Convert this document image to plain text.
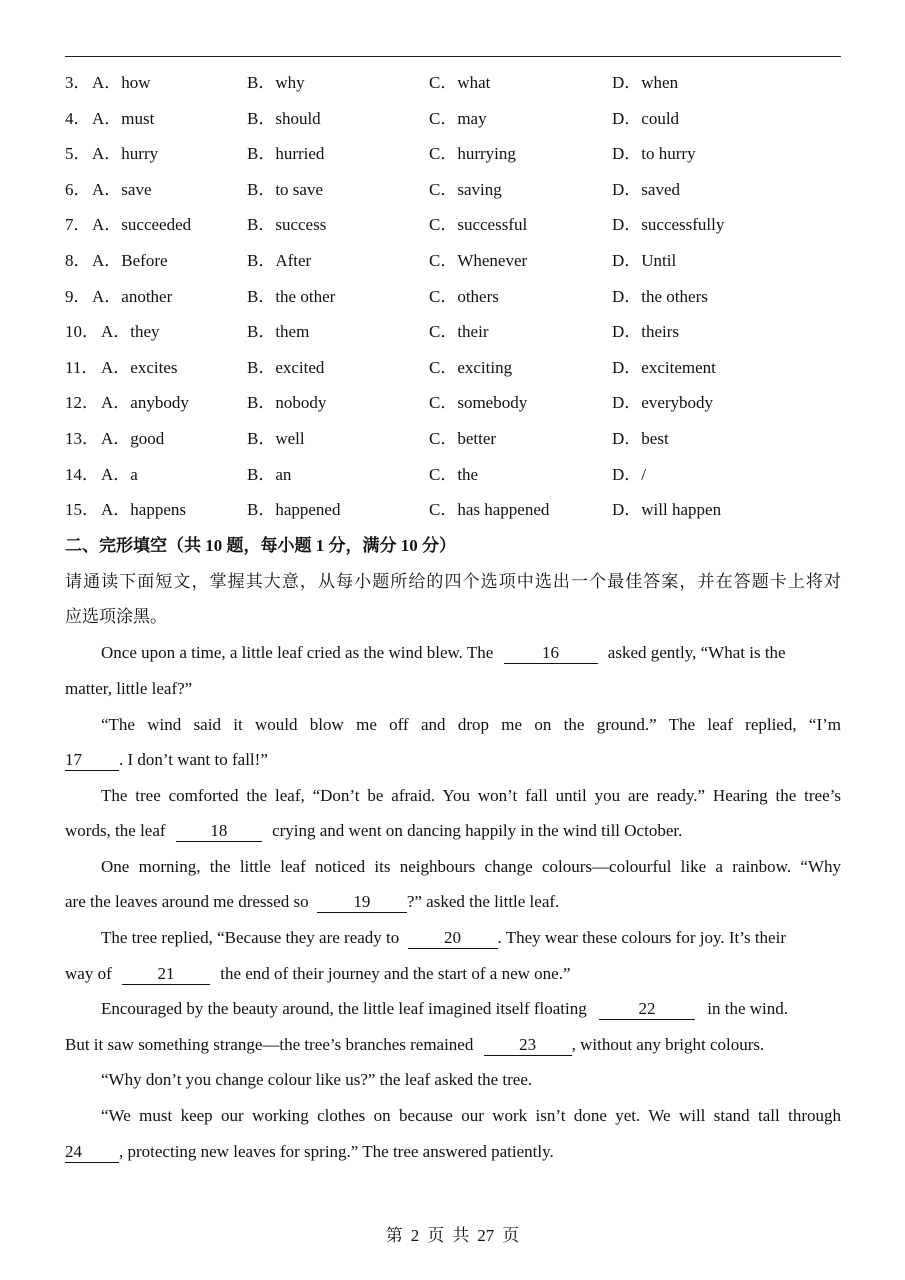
3． A．how	B．why	C．what	D．when
4． A．must	B．should	C．may	D．could
5． A．hurry	B．hurried	C．hurrying	D．to hurry
6． A．save	B．to save	C．saving	D．saved
7． A．succeeded	B．success	C．successful	D．successfully
8． A．Before	B．After	C．Whenever	D．Until
9． A．another	B．the other	C．others	D．the others
10． A．they	B．them	C．their	D．theirs
11． A．excites	B．excited	C．exciting	D．excitement
12． A．anybody	B．nobody	C．somebody	D．everybody
13． A．good	B．well	C．better	D．best
14． A．a	B．an	C．the	D．/
15． A．happens	B．happened	C．has happened	D．will happen
二、完形填空（共 10 题，每小题 1 分，满分 10 分）
请通读下面短文，掌握其大意，从每小题所给的四个选项中选出一个最佳答案，并在答题卡上将对
应选项涂黑。
Once upon a time, a little leaf cried as the wind blew. The	16	asked gently, “What is the
matter, little leaf?”
“The wind said it would blow me off and drop me on the ground.” The leaf replied, “I’m
17 . I don’t want to fall!”
The tree comforted the leaf, “Don’t be afraid. You won’t fall until you are ready.” Hearing the tree’s
words, the leaf	18	crying and went on dancing happily in the wind till October.
One morning, the little leaf noticed its neighbours change colours—colourful like a rainbow. “Why
are the leaves around me dressed so	19 ?” asked the little leaf.
The tree replied, “Because they are ready to	20 . They wear these colours for joy. It’s their
way of	21	the end of their journey and the start of a new one.”
Encouraged by the beauty around, the little leaf imagined itself floating	22	in the wind.
But it saw something strange—the tree’s branches remained	23 , without any bright colours.
“Why don’t you change colour like us?” the leaf asked the tree.
“We must keep our working clothes on because our work isn’t done yet. We will stand tall through
24 , protecting new leaves for spring.” The tree answered patiently.
第 2 页 共 27 页
